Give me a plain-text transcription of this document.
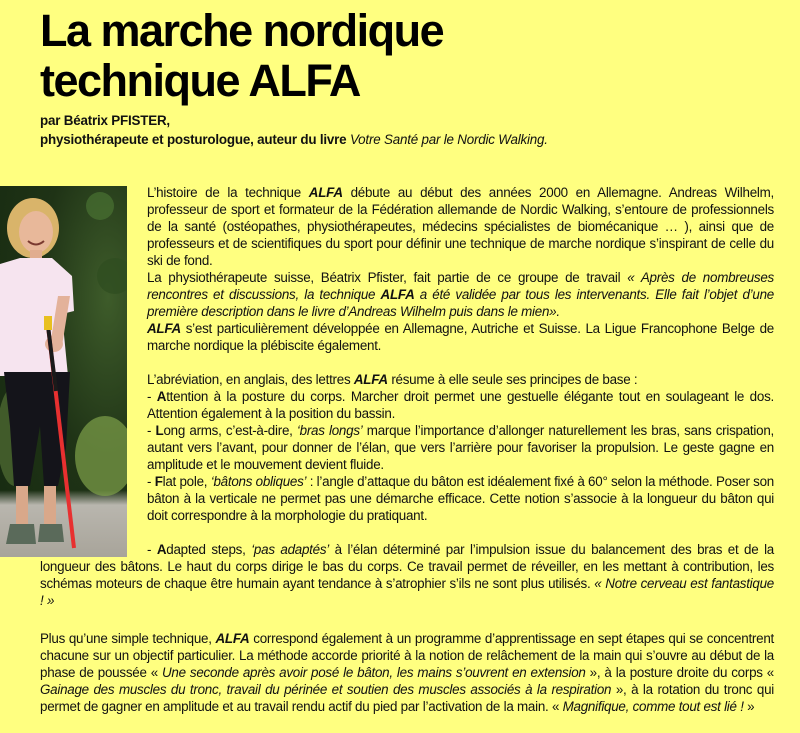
La marche nordique
technique ALFA
par Béatrix PFISTER,
physiothérapeute et posturologue, auteur du livre Votre Santé par le Nordic Walking.

L’histoire de la technique ALFA débute au début des années 2000 en Allemagne. Andreas Wilhelm, professeur de sport et formateur de la Fédération allemande de Nordic Walking, s’entoure de professionnels de la santé (ostéopathes, physiothérapeutes, médecins spécialistes de biomécanique … ), ainsi que de professeurs et de scientifiques du sport pour définir une technique de marche nordique s’inspirant de celle du ski de fond.

La physiothérapeute suisse, Béatrix Pfister, fait partie de ce groupe de travail « Après de nombreuses rencontres et discussions, la technique ALFA a été validée par tous les intervenants. Elle fait l’objet d’une première description dans le livre d’Andreas Wilhelm puis dans le mien».

ALFA s’est particulièrement développée en Allemagne, Autriche et Suisse. La Ligue Francophone Belge de marche nordique la plébiscite également.

L’abréviation, en anglais, des lettres ALFA résume à elle seule ses principes de base :

- Attention à la posture du corps. Marcher droit permet une gestuelle élégante tout en soulageant le dos. Attention également à la position du bassin.

- Long arms, c’est-à-dire, ‘bras longs’ marque l’importance d’allonger naturellement les bras, sans crispation, autant vers l’avant, pour donner de l’élan, que vers l’arrière pour favoriser la propulsion. Le geste gagne en amplitude et le mouvement devient fluide.

- Flat pole, ‘bâtons obliques’ : l’angle d’attaque du bâton est idéalement fixé à 60° selon la méthode. Poser son bâton à la verticale ne permet pas une démarche efficace. Cette notion s’associe à la longueur du bâton qui doit correspondre à la morphologie du pratiquant.

- Adapted steps, ‘pas adaptés’ à l’élan déterminé par l’impulsion issue du balancement des bras et de la longueur des bâtons. Le haut du corps dirige le bas du corps. Ce travail permet de réveiller, en les mettant à contribution, les schémas moteurs de chaque être humain ayant tendance à s’atrophier s’ils ne sont plus utilisés. « Notre cerveau est fantastique ! »

Plus qu’une simple technique, ALFA correspond également à un programme d’apprentissage en sept étapes qui se concentrent chacune sur un objectif particulier. La méthode accorde priorité à la notion de relâchement de la main qui s’ouvre au début de la phase de poussée « Une seconde après avoir posé le bâton, les mains s’ouvrent en extension », à la posture droite du corps « Gainage des muscles du tronc, travail du périnée et soutien des muscles associés à la respiration », à la rotation du tronc qui permet de gagner en amplitude et au travail rendu actif du pied par l’activation de la main. « Magnifique, comme tout est lié ! »
